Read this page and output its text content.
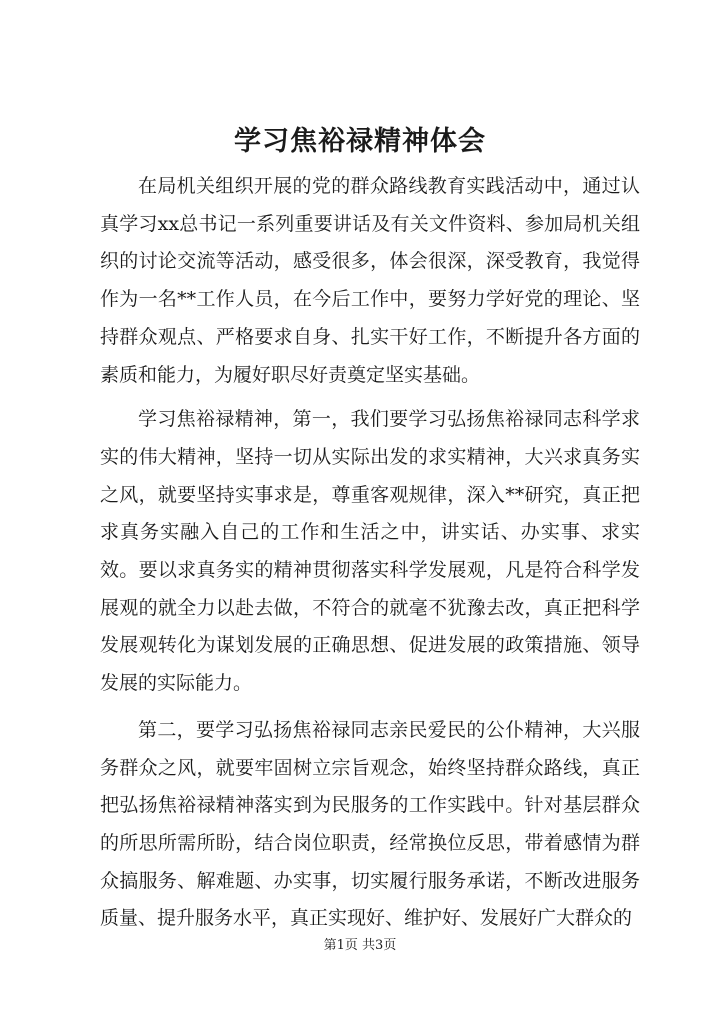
学习焦裕禄精神体会

在局机关组织开展的党的群众路线教育实践活动中，通过认真学习xx总书记一系列重要讲话及有关文件资料、参加局机关组织的讨论交流等活动，感受很多，体会很深，深受教育，我觉得作为一名**工作人员，在今后工作中，要努力学好党的理论、坚持群众观点、严格要求自身、扎实干好工作，不断提升各方面的素质和能力，为履好职尽好责奠定坚实基础。

学习焦裕禄精神，第一，我们要学习弘扬焦裕禄同志科学求实的伟大精神，坚持一切从实际出发的求实精神，大兴求真务实之风，就要坚持实事求是，尊重客观规律，深入**研究，真正把求真务实融入自己的工作和生活之中，讲实话、办实事、求实效。要以求真务实的精神贯彻落实科学发展观，凡是符合科学发展观的就全力以赴去做，不符合的就毫不犹豫去改，真正把科学发展观转化为谋划发展的正确思想、促进发展的政策措施、领导发展的实际能力。

第二，要学习弘扬焦裕禄同志亲民爱民的公仆精神，大兴服务群众之风，就要牢固树立宗旨观念，始终坚持群众路线，真正把弘扬焦裕禄精神落实到为民服务的工作实践中。针对基层群众的所思所需所盼，结合岗位职责，经常换位反思，带着感情为群众搞服务、解难题、办实事，切实履行服务承诺，不断改进服务质量、提升服务水平，真正实现好、维护好、发展好广大群众的

第1页 共3页
